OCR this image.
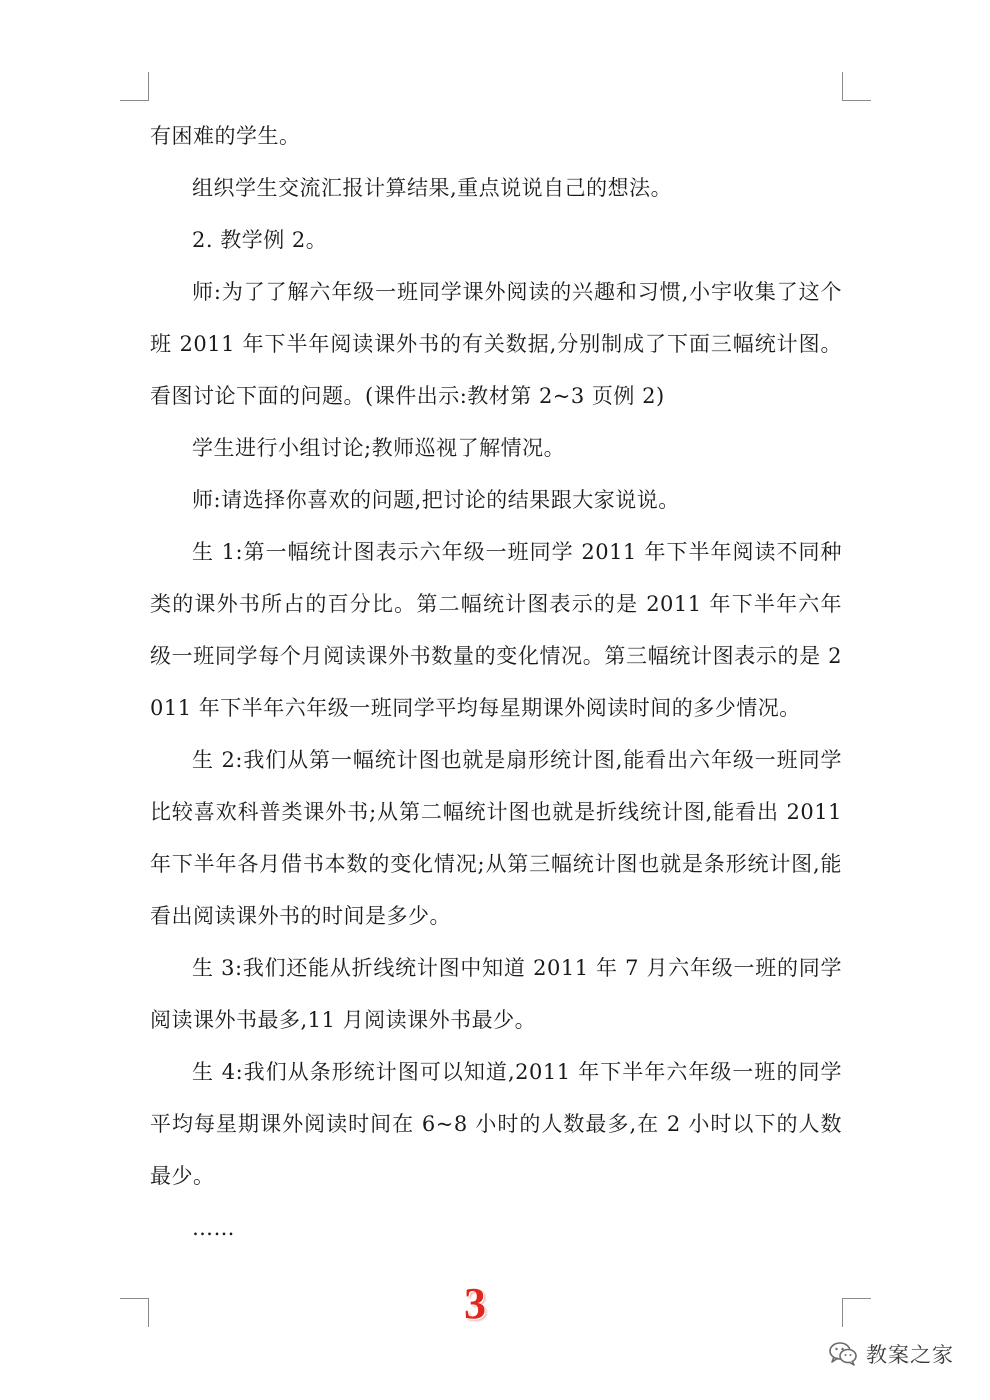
有困难的学生。

组织学生交流汇报计算结果,重点说说自己的想法。

2. 教学例 2。

师:为了了解六年级一班同学课外阅读的兴趣和习惯,小宇收集了这个班 2011 年下半年阅读课外书的有关数据,分别制成了下面三幅统计图。看图讨论下面的问题。(课件出示:教材第 2~3 页例 2)

学生进行小组讨论;教师巡视了解情况。

师:请选择你喜欢的问题,把讨论的结果跟大家说说。

生 1:第一幅统计图表示六年级一班同学 2011 年下半年阅读不同种类的课外书所占的百分比。第二幅统计图表示的是 2011 年下半年六年级一班同学每个月阅读课外书数量的变化情况。第三幅统计图表示的是 2011 年下半年六年级一班同学平均每星期课外阅读时间的多少情况。

生 2:我们从第一幅统计图也就是扇形统计图,能看出六年级一班同学比较喜欢科普类课外书;从第二幅统计图也就是折线统计图,能看出 2011 年下半年各月借书本数的变化情况;从第三幅统计图也就是条形统计图,能看出阅读课外书的时间是多少。

生 3:我们还能从折线统计图中知道 2011 年 7 月六年级一班的同学阅读课外书最多,11 月阅读课外书最少。

生 4:我们从条形统计图可以知道,2011 年下半年六年级一班的同学平均每星期课外阅读时间在 6~8 小时的人数最多,在 2 小时以下的人数最少。

……

3
教案之家
